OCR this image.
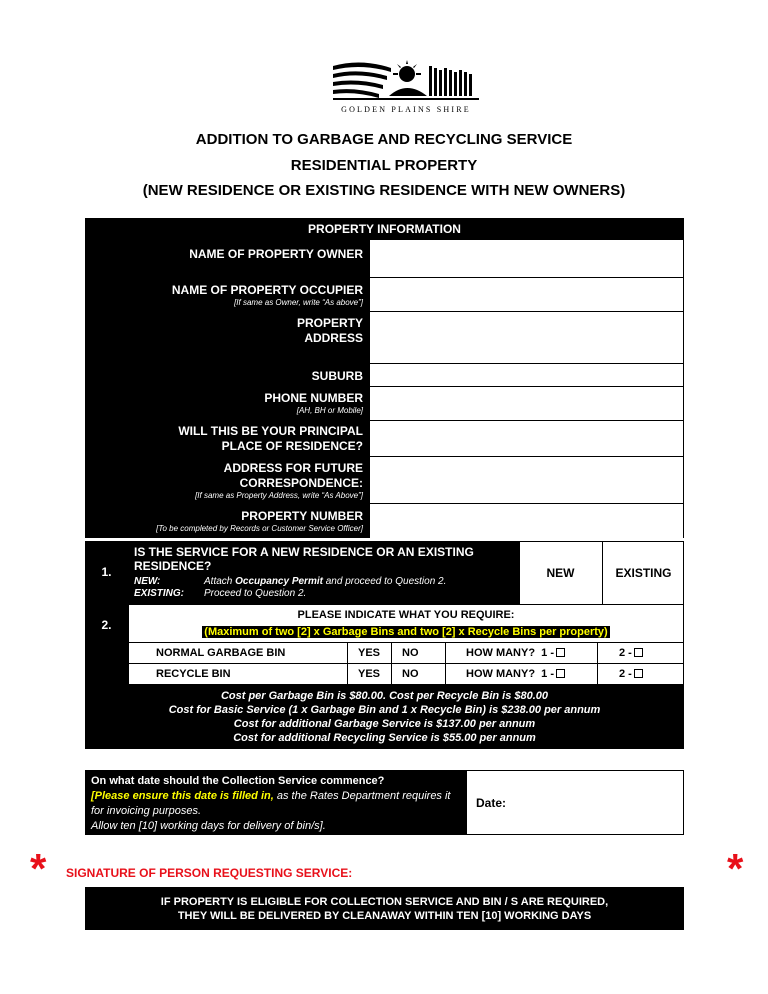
GOLDEN PLAINS SHIRE
ADDITION TO GARBAGE AND RECYCLING SERVICE
RESIDENTIAL PROPERTY
(NEW RESIDENCE OR EXISTING RESIDENCE WITH NEW OWNERS)
PROPERTY INFORMATION
NAME OF PROPERTY OWNER
NAME OF PROPERTY OCCUPIER
[If same as Owner, write “As above”]
PROPERTY
ADDRESS
SUBURB
PHONE NUMBER
[AH, BH or Mobile]
WILL THIS BE YOUR PRINCIPAL
PLACE OF RESIDENCE?
ADDRESS FOR FUTURE
CORRESPONDENCE:
[If same as Property Address, write “As Above”]
PROPERTY NUMBER
[To be completed by Records or Customer Service Officer]
1.
2.
IS THE SERVICE FOR A NEW RESIDENCE OR AN EXISTING
RESIDENCE?
NEW:	Attach Occupancy Permit and proceed to Question 2.
EXISTING: Proceed to Question 2.
NEW	EXISTING
PLEASE INDICATE WHAT YOU REQUIRE:
(Maximum of two [2] x Garbage Bins and two [2] x Recycle Bins per property)
NORMAL GARBAGE BIN	YES NO	HOW MANY? 1 -	2 -
RECYCLE BIN	YES NO	HOW MANY? 1 -	2 -
Cost per Garbage Bin is $80.00. Cost per Recycle Bin is $80.00
Cost for Basic Service (1 x Garbage Bin and 1 x Recycle Bin) is $238.00 per annum
Cost for additional Garbage Service is $137.00 per annum
Cost for additional Recycling Service is $55.00 per annum
On what date should the Collection Service commence?
[Please ensure this date is filled in, as the Rates Department requires it for invoicing purposes.
Allow ten [10] working days for delivery of bin/s].
Date:
*	*
SIGNATURE OF PERSON REQUESTING SERVICE:
IF PROPERTY IS ELIGIBLE FOR COLLECTION SERVICE AND BIN / S ARE REQUIRED,
THEY WILL BE DELIVERED BY CLEANAWAY WITHIN TEN [10] WORKING DAYS
